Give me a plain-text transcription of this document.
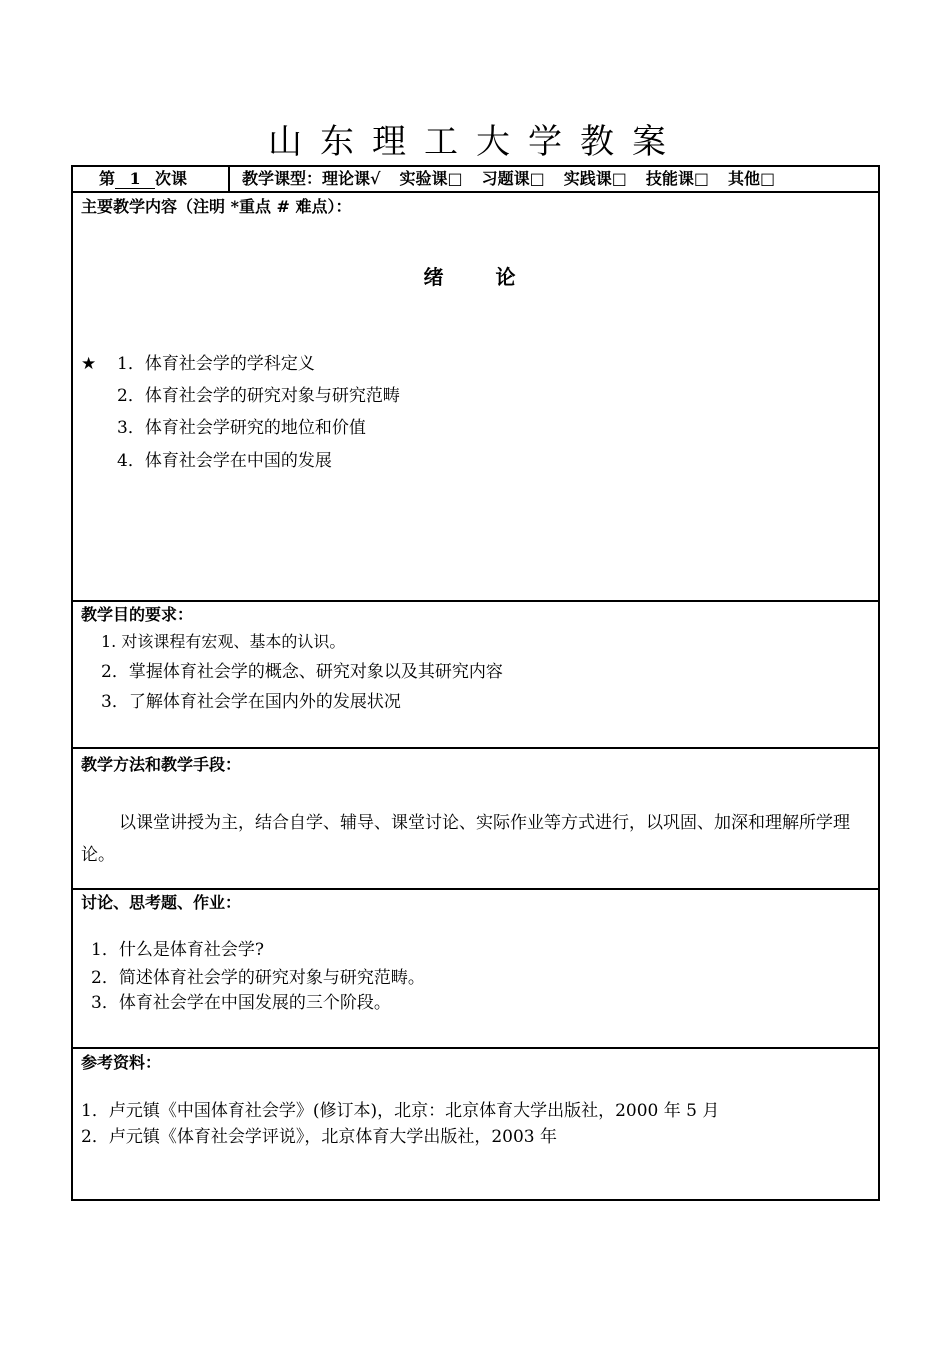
山东理工大学教案
第 1 次课	教学课型：理论课√ 实验课□ 习题课□ 实践课□ 技能课□ 其他□
主要教学内容（注明 *重点 # 难点）：
绪论
★ 1．体育社会学的学科定义
2．体育社会学的研究对象与研究范畴
3．体育社会学研究的地位和价值
4．体育社会学在中国的发展
教学目的要求：
1. 对该课程有宏观、基本的认识。
2．掌握体育社会学的概念、研究对象以及其研究内容
3．了解体育社会学在国内外的发展状况
教学方法和教学手段：
以课堂讲授为主，结合自学、辅导、课堂讨论、实际作业等方式进行，以巩固、加深和理解所学理论。
讨论、思考题、作业：
1．什么是体育社会学?
2．简述体育社会学的研究对象与研究范畴。
3．体育社会学在中国发展的三个阶段。
参考资料：
1．卢元镇《中国体育社会学》(修订本)，北京：北京体育大学出版社，2000 年 5 月
2．卢元镇《体育社会学评说》，北京体育大学出版社，2003 年
